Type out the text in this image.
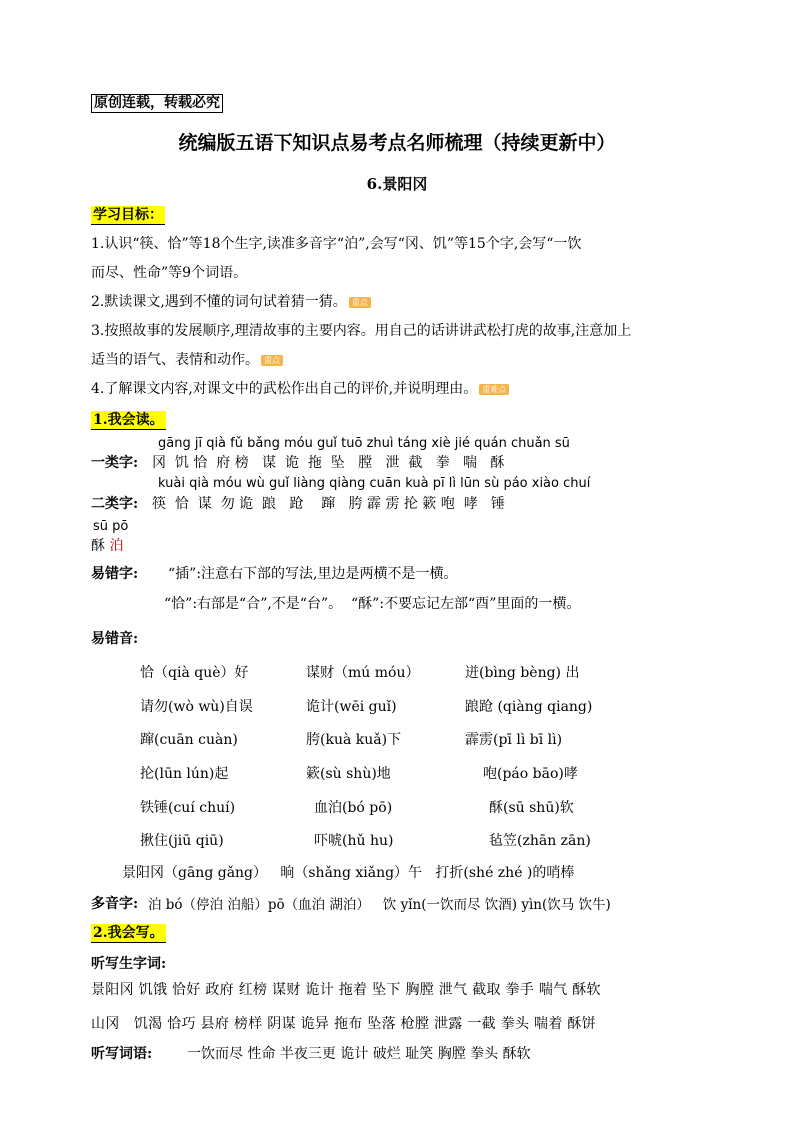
原创连载，转载必究
统编版五语下知识点易考点名师梳理（持续更新中）
6.景阳冈
学习目标：
1.认识“筷、恰”等18个生字,读准多音字“泊”,会写“冈、饥”等15个字,会写“一饮
而尽、性命”等9个词语。
2.默读课文,遇到不懂的词句试着猜一猜。 重点
3.按照故事的发展顺序,理清故事的主要内容。用自己的话讲讲武松打虎的故事,注意加上
适当的语气、表情和动作。 重点
4.了解课文内容,对课文中的武松作出自己的评价,并说明理由。 重难点
1.我会读。
gāng jī qià fǔ bǎng móu guǐ tuō zhuì táng xiè jié quán chuǎn sū
一类字: 冈  饥 恰  府 榜   谋  诡  拖  坠   膛   泄  截   拳   喘   酥
kuài qià móu wù guǐ liàng qiàng cuān kuà pī lì lūn sù páo xiào chuí
二类字: 筷  恰  谋  勿 诡  踉   跄    蹿   胯 霹 雳 抡 簌 咆  哮   锤
sū pō
酥 泊
易错字: “插”:注意右下部的写法,里边是两横不是一横。
“恰”:右部是“合”,不是“台”。  “酥”:不要忘记左部“酉”里面的一横。
易错音:
恰（qià què）好	谋财（mú móu）	迸(bìng bèng) 出
请勿(wò wù)自误	诡计(wēi guǐ)	踉跄 (qiàng qiang)
蹿(cuān cuàn)	胯(kuà kuǎ)下	霹雳(pī lì bī lì)
抡(lūn lún)起	簌(sù shù)地	咆(páo bāo)哮
铁锤(cuí chuí)	血泊(bó pō)	酥(sū shū)软
揪住(jiū qiū)	吓唬(hǔ hu)	毡笠(zhān zān)
景阳冈（gāng gǎng）   晌（shǎng xiǎng）午   打折(shé zhé )的哨棒
多音字: 泊 bó（停泊 泊船）pō（血泊 湖泊）   饮 yǐn(一饮而尽 饮酒) yìn(饮马 饮牛)
2.我会写。
听写生字词:
景阳冈 饥饿 恰好 政府 红榜 谋财 诡计 拖着 坠下 胸膛 泄气 截取 拳手 喘气 酥软
山冈   饥渴 恰巧 县府 榜样 阴谋 诡异 拖布 坠落 枪膛 泄露 一截 拳头 喘着 酥饼
听写词语: 一饮而尽 性命 半夜三更 诡计 破烂 耻笑 胸膛 拳头 酥软
